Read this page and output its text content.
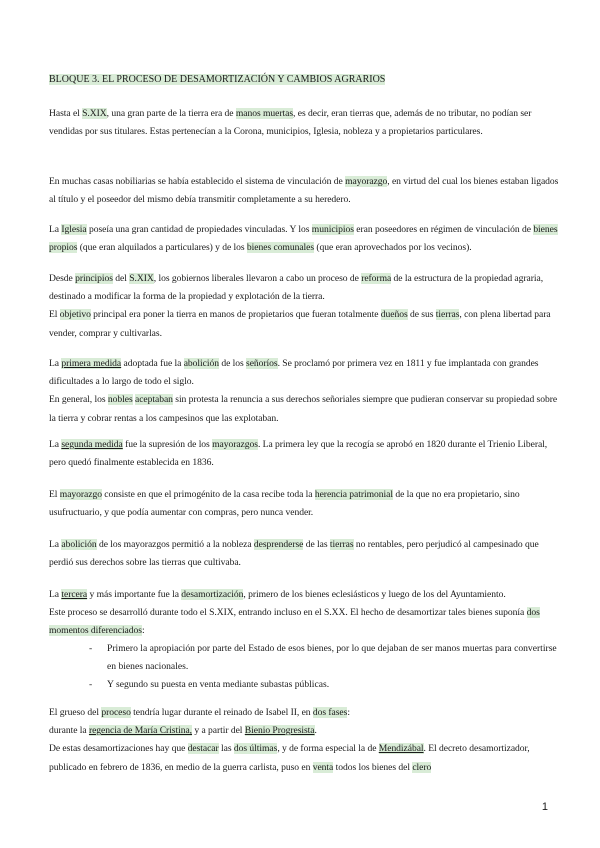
BLOQUE 3. EL PROCESO DE DESAMORTIZACIÓN Y CAMBIOS AGRARIOS
Hasta el S.XIX, una gran parte de la tierra era de manos muertas, es decir, eran tierras que, además de no tributar, no podían ser vendidas por sus titulares. Estas pertenecían a la Corona, municipios, Iglesia, nobleza y a propietarios particulares.
En muchas casas nobiliarias se había establecido el sistema de vinculación de mayorazgo, en virtud del cual los bienes estaban ligados al título y el poseedor del mismo debía transmitir completamente a su heredero.
La Iglesia poseía una gran cantidad de propiedades vinculadas. Y los municipios eran poseedores en régimen de vinculación de bienes propios (que eran alquilados a particulares) y de los bienes comunales (que eran aprovechados por los vecinos).
Desde principios del S.XIX, los gobiernos liberales llevaron a cabo un proceso de reforma de la estructura de la propiedad agraria, destinado a modificar la forma de la propiedad y explotación de la tierra.
El objetivo principal era poner la tierra en manos de propietarios que fueran totalmente dueños de sus tierras, con plena libertad para vender, comprar y cultivarlas.
La primera medida adoptada fue la abolición de los señoríos. Se proclamó por primera vez en 1811 y fue implantada con grandes dificultades a lo largo de todo el siglo.
En general, los nobles aceptaban sin protesta la renuncia a sus derechos señoriales siempre que pudieran conservar su propiedad sobre la tierra y cobrar rentas a los campesinos que las explotaban.
La segunda medida fue la supresión de los mayorazgos. La primera ley que la recogía se aprobó en 1820 durante el Trienio Liberal, pero quedó finalmente establecida en 1836.
El mayorazgo consiste en que el primogénito de la casa recibe toda la herencia patrimonial de la que no era propietario, sino usufructuario, y que podía aumentar con compras, pero nunca vender.
La abolición de los mayorazgos permitió a la nobleza desprenderse de las tierras no rentables, pero perjudicó al campesinado que perdió sus derechos sobre las tierras que cultivaba.
La tercera y más importante fue la desamortización, primero de los bienes eclesiásticos y luego de los del Ayuntamiento.
Este proceso se desarrolló durante todo el S.XIX, entrando incluso en el S.XX. El hecho de desamortizar tales bienes suponía dos momentos diferenciados:
-	Primero la apropiación por parte del Estado de esos bienes, por lo que dejaban de ser manos muertas para convertirse en bienes nacionales.
-	Y segundo su puesta en venta mediante subastas públicas.
El grueso del proceso tendría lugar durante el reinado de Isabel II, en dos fases:
durante la regencia de María Cristina, y a partir del Bienio Progresista.
De estas desamortizaciones hay que destacar las dos últimas, y de forma especial la de Mendizábal. El decreto desamortizador, publicado en febrero de 1836, en medio de la guerra carlista, puso en venta todos los bienes del clero
1
